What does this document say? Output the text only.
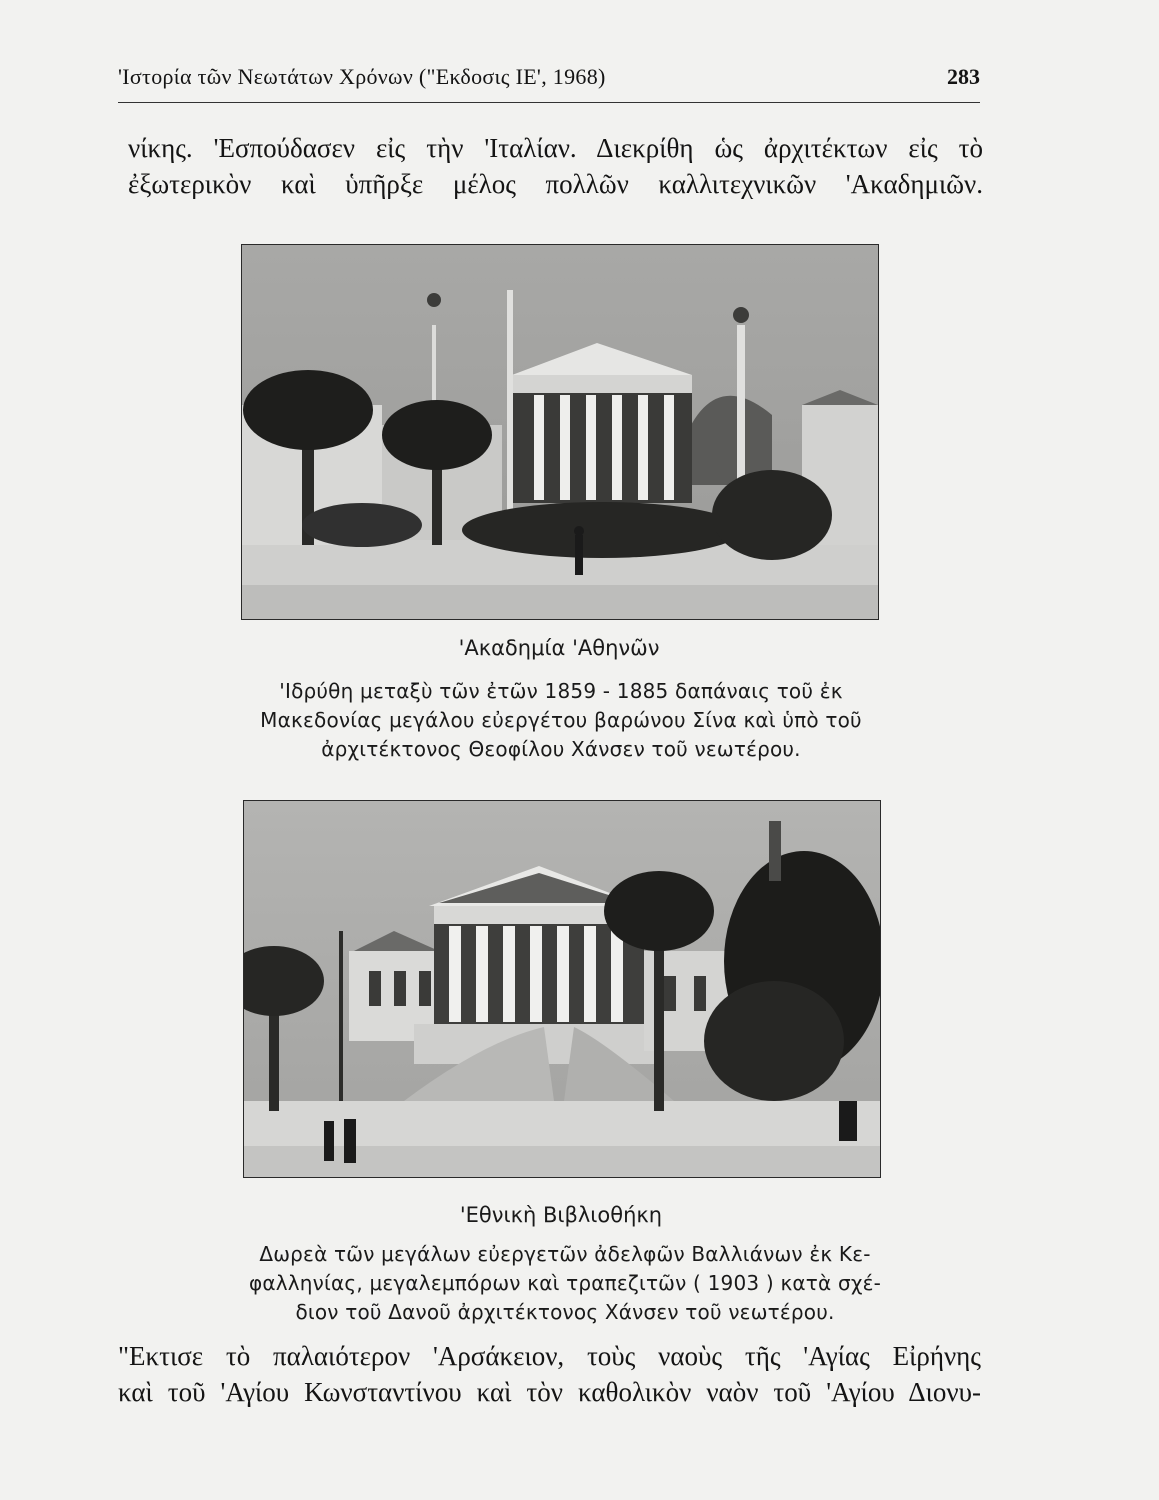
'Ιστορία τῶν Νεωτάτων Χρόνων ("Εκδοσις ΙΕ', 1968)	283

νίκης. 'Εσπούδασεν εἰς τὴν 'Ιταλίαν. Διεκρίθη ὡς ἀρχιτέκτων εἰς τὸ
ἐξωτερικὸν καὶ ὑπῆρξε μέλος πολλῶν καλλιτεχνικῶν 'Ακαδημιῶν.

'Ακαδημία 'Αθηνῶν
'Ιδρύθη μεταξὺ τῶν ἐτῶν 1859 - 1885 δαπάναις τοῦ ἐκ
Μακεδονίας μεγάλου εὐεργέτου βαρώνου Σίνα καὶ ὑπὸ τοῦ
ἀρχιτέκτονος Θεοφίλου Χάνσεν τοῦ νεωτέρου.
'Εθνικὴ Βιβλιοθήκη
Δωρεὰ τῶν μεγάλων εὐεργετῶν ἀδελφῶν Βαλλιάνων ἐκ Κε-
φαλληνίας, μεγαλεμπόρων καὶ τραπεζιτῶν ( 1903 ) κατὰ σχέ-
διον τοῦ Δανοῦ ἀρχιτέκτονος Χάνσεν τοῦ νεωτέρου.

"Εκτισε τὸ παλαιότερον 'Αρσάκειον, τοὺς ναοὺς τῆς 'Αγίας Εἰρήνης
καὶ τοῦ 'Αγίου Κωνσταντίνου καὶ τὸν καθολικὸν ναὸν τοῦ 'Αγίου Διονυ-
